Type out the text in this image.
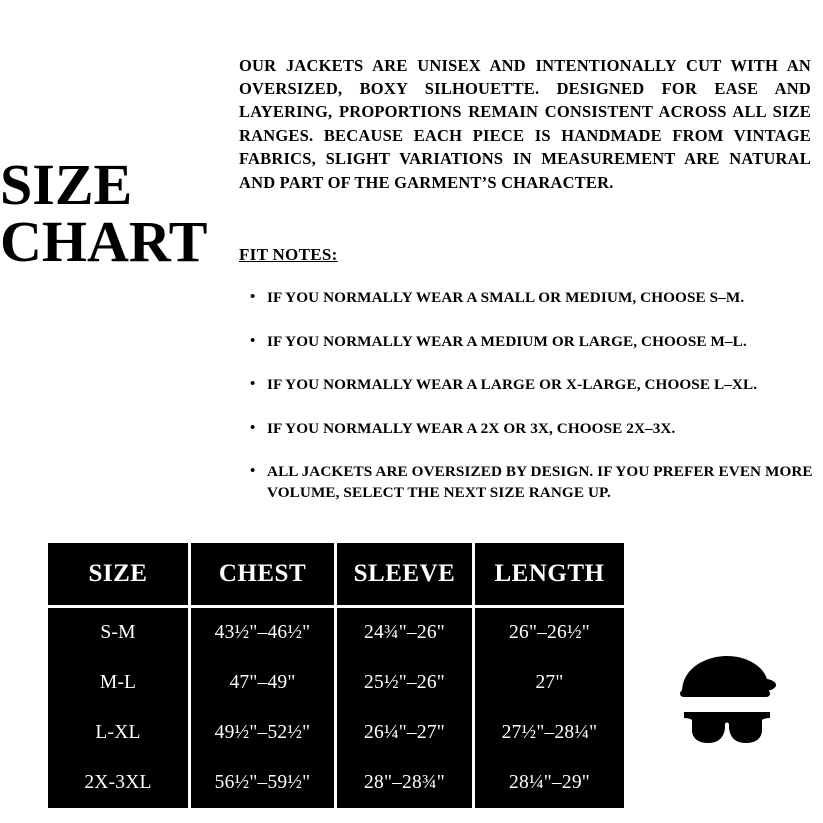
SIZE
CHART

OUR JACKETS ARE UNISEX AND INTENTIONALLY CUT WITH AN OVERSIZED, BOXY SILHOUETTE. DESIGNED FOR EASE AND LAYERING, PROPORTIONS REMAIN CONSISTENT ACROSS ALL SIZE RANGES. BECAUSE EACH PIECE IS HANDMADE FROM VINTAGE FABRICS, SLIGHT VARIATIONS IN MEASUREMENT ARE NATURAL AND PART OF THE GARMENT’S CHARACTER.

FIT NOTES:
• IF YOU NORMALLY WEAR A SMALL OR MEDIUM, CHOOSE S–M.
• IF YOU NORMALLY WEAR A MEDIUM OR LARGE, CHOOSE M–L.
• IF YOU NORMALLY WEAR A LARGE OR X-LARGE, CHOOSE L–XL.
• IF YOU NORMALLY WEAR A 2X OR 3X, CHOOSE 2X–3X.
• ALL JACKETS ARE OVERSIZED BY DESIGN. IF YOU PREFER EVEN MORE VOLUME, SELECT THE NEXT SIZE RANGE UP.
SIZE	CHEST	SLEEVE	LENGTH
S-M	43½"–46½"	24¾"–26"	26"–26½"
M-L	47"–49"	25½"–26"	27"
L-XL	49½"–52½"	26¼"–27"	27½"–28¼"
2X-3XL	56½"–59½"	28"–28¾"	28¼"–29"
